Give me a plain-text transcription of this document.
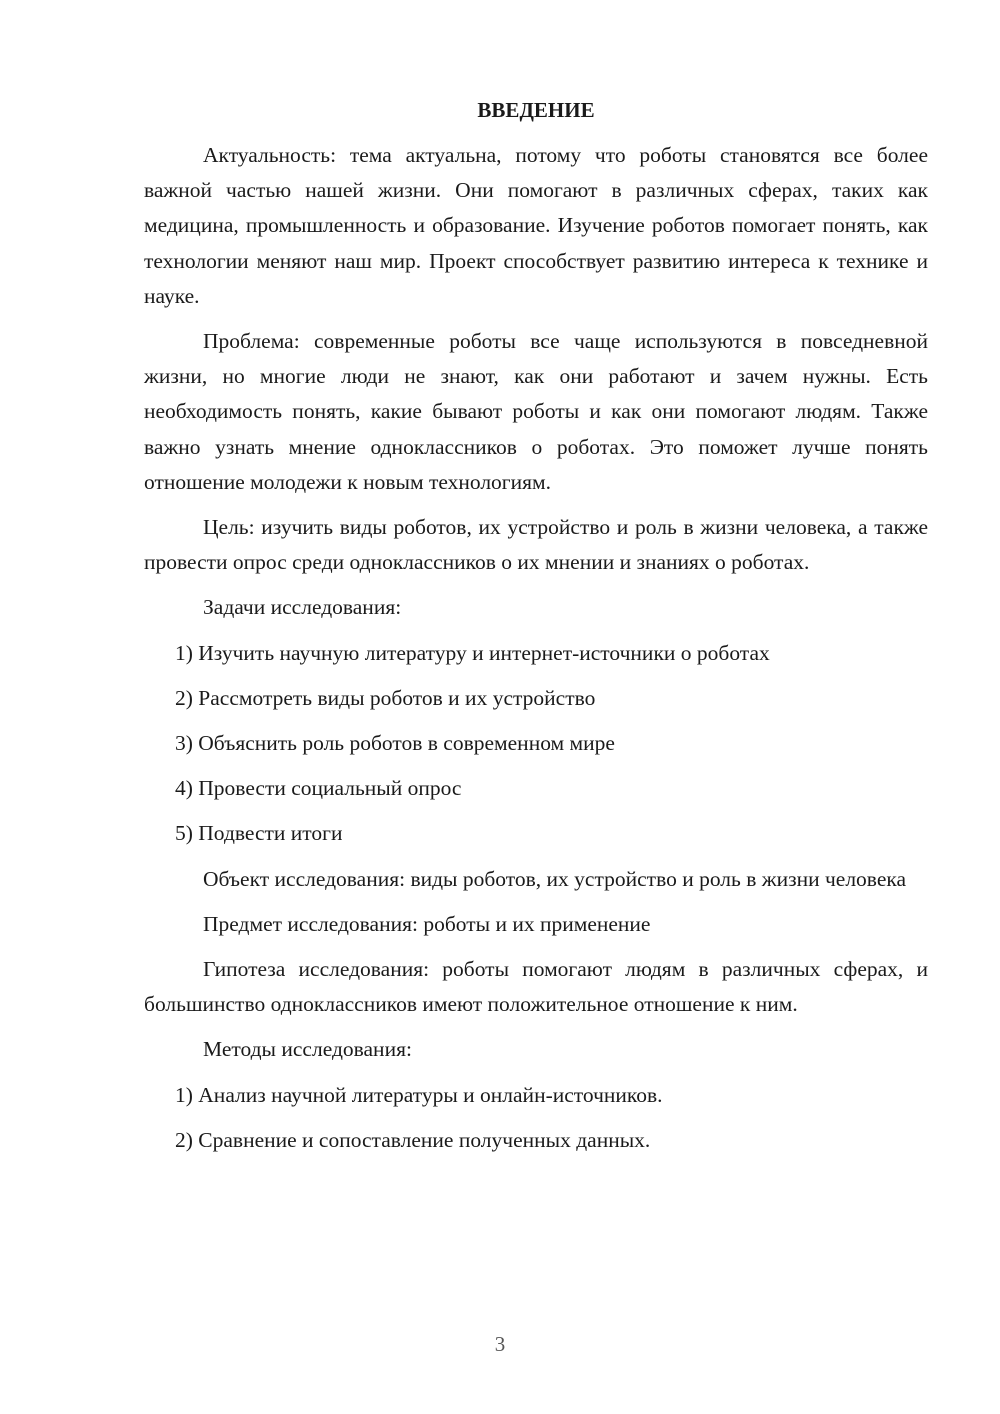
ВВЕДЕНИЕ

Актуальность: тема актуальна, потому что роботы становятся все более важной частью нашей жизни. Они помогают в различных сферах, таких как медицина, промышленность и образование. Изучение роботов помогает понять, как технологии меняют наш мир. Проект способствует развитию интереса к технике и науке.

Проблема: современные роботы все чаще используются в повседневной жизни, но многие люди не знают, как они работают и зачем нужны. Есть необходимость понять, какие бывают роботы и как они помогают людям. Также важно узнать мнение одноклассников о роботах. Это поможет лучше понять отношение молодежи к новым технологиям.

Цель: изучить виды роботов, их устройство и роль в жизни человека, а также провести опрос среди одноклассников о их мнении и знаниях о роботах.

Задачи исследования:

1) Изучить научную литературу и интернет-источники о роботах

2) Рассмотреть виды роботов и их устройство

3) Объяснить роль роботов в современном мире

4) Провести социальный опрос

5) Подвести итоги

Объект исследования: виды роботов, их устройство и роль в жизни человека

Предмет исследования: роботы и их применение

Гипотеза исследования: роботы помогают людям в различных сферах, и большинство одноклассников имеют положительное отношение к ним.

Методы исследования:

1) Анализ научной литературы и онлайн-источников.

2) Сравнение и сопоставление полученных данных.

3
